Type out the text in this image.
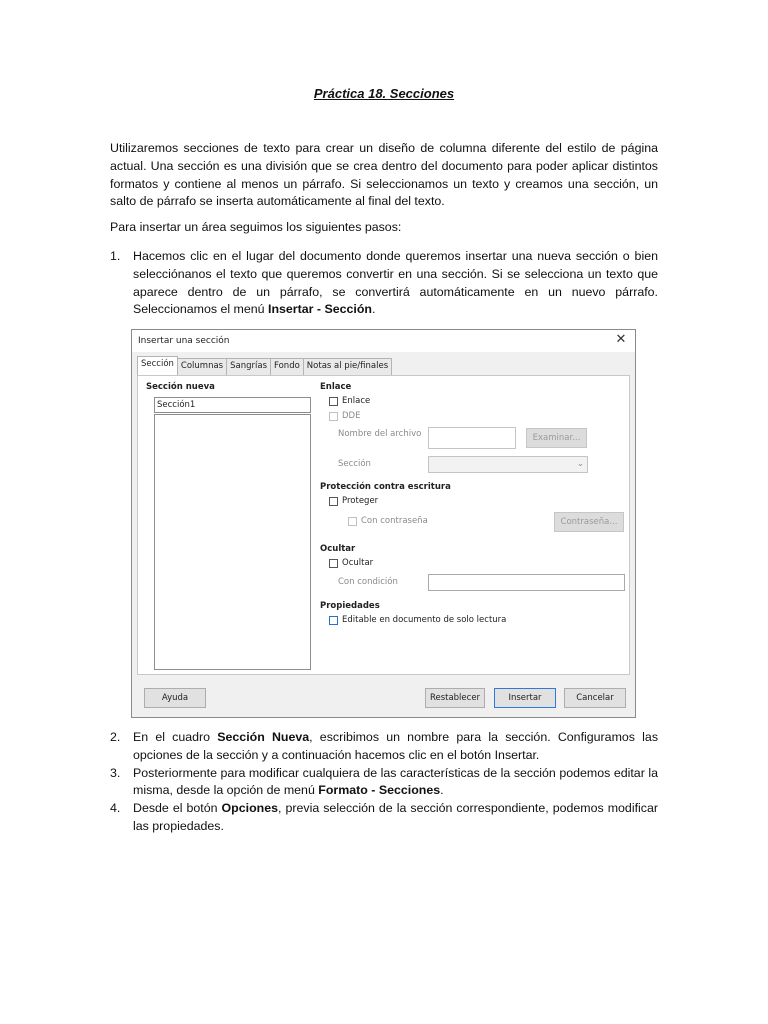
Práctica 18. Secciones

Utilizaremos secciones de texto para crear un diseño de columna diferente del estilo de página actual. Una sección es una división que se crea dentro del documento para poder aplicar distintos formatos y contiene al menos un párrafo. Si seleccionamos un texto y creamos una sección, un salto de párrafo se inserta automáticamente al final del texto.

Para insertar un área seguimos los siguientes pasos:

1. Hacemos clic en el lugar del documento donde queremos insertar una nueva sección o bien selecciónanos el texto que queremos convertir en una sección. Si se selecciona un texto que aparece dentro de un párrafo, se convertirá automáticamente en un nuevo párrafo. Seleccionamos el menú Insertar - Sección.
Insertar una sección	✕
Sección Columnas Sangrías Fondo Notas al pie/finales
Sección nueva
Sección1
Enlace
Enlace
DDE
Nombre del archivo	Examinar...
Sección	⌄
Protección contra escritura
Proteger
Con contraseña	Contraseña...
Ocultar
Ocultar
Con condición
Propiedades
Editable en documento de solo lectura
Ayuda	Restablecer	Insertar	Cancelar
2. En el cuadro Sección Nueva, escribimos un nombre para la sección. Configuramos las opciones de la sección y a continuación hacemos clic en el botón Insertar.
3. Posteriormente para modificar cualquiera de las características de la sección podemos editar la misma, desde la opción de menú Formato - Secciones.
4. Desde el botón Opciones, previa selección de la sección correspondiente, podemos modificar las propiedades.
